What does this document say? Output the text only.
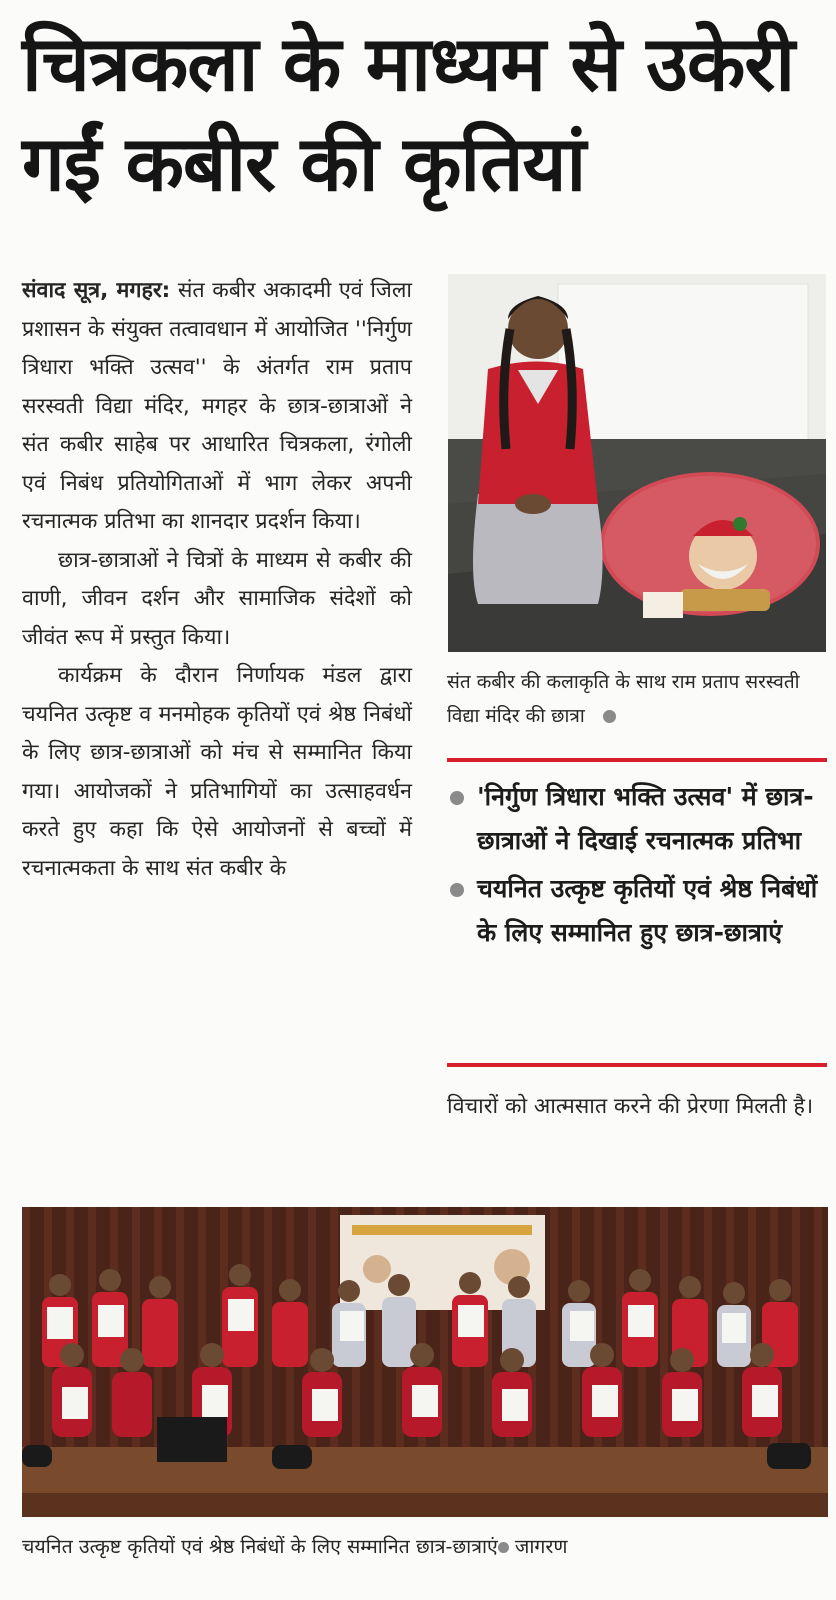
चित्रकला के माध्यम से उकेरी
गईं कबीर की कृतियां

संवाद सूत्र, मगहर: संत कबीर अकादमी एवं जिला प्रशासन के संयुक्त तत्वावधान में आयोजित ''निर्गुण त्रिधारा भक्ति उत्सव'' के अंतर्गत राम प्रताप सरस्वती विद्या मंदिर, मगहर के छात्र-छात्राओं ने संत कबीर साहेब पर आधारित चित्रकला, रंगोली एवं निबंध प्रतियोगिताओं में भाग लेकर अपनी रचनात्मक प्रतिभा का शानदार प्रदर्शन किया।

छात्र-छात्राओं ने चित्रों के माध्यम से कबीर की वाणी, जीवन दर्शन और सामाजिक संदेशों को जीवंत रूप में प्रस्तुत किया।

कार्यक्रम के दौरान निर्णायक मंडल द्वारा चयनित उत्कृष्ट व मनमोहक कृतियों एवं श्रेष्ठ निबंधों के लिए छात्र-छात्राओं को मंच से सम्मानित किया गया। आयोजकों ने प्रतिभागियों का उत्साहवर्धन करते हुए कहा कि ऐसे आयोजनों से बच्चों में रचनात्मकता के साथ संत कबीर के

संत कबीर की कलाकृति के साथ राम प्रताप सरस्वती विद्या मंदिर की छात्रा
'निर्गुण त्रिधारा भक्ति उत्सव' में छात्र-छात्राओं ने दिखाई रचनात्मक प्रतिभा
चयनित उत्कृष्ट कृतियों एवं श्रेष्ठ निबंधों के लिए सम्मानित हुए छात्र-छात्राएं

विचारों को आत्मसात करने की प्रेरणा मिलती है।

चयनित उत्कृष्ट कृतियों एवं श्रेष्ठ निबंधों के लिए सम्मानित छात्र-छात्राएं जागरण
